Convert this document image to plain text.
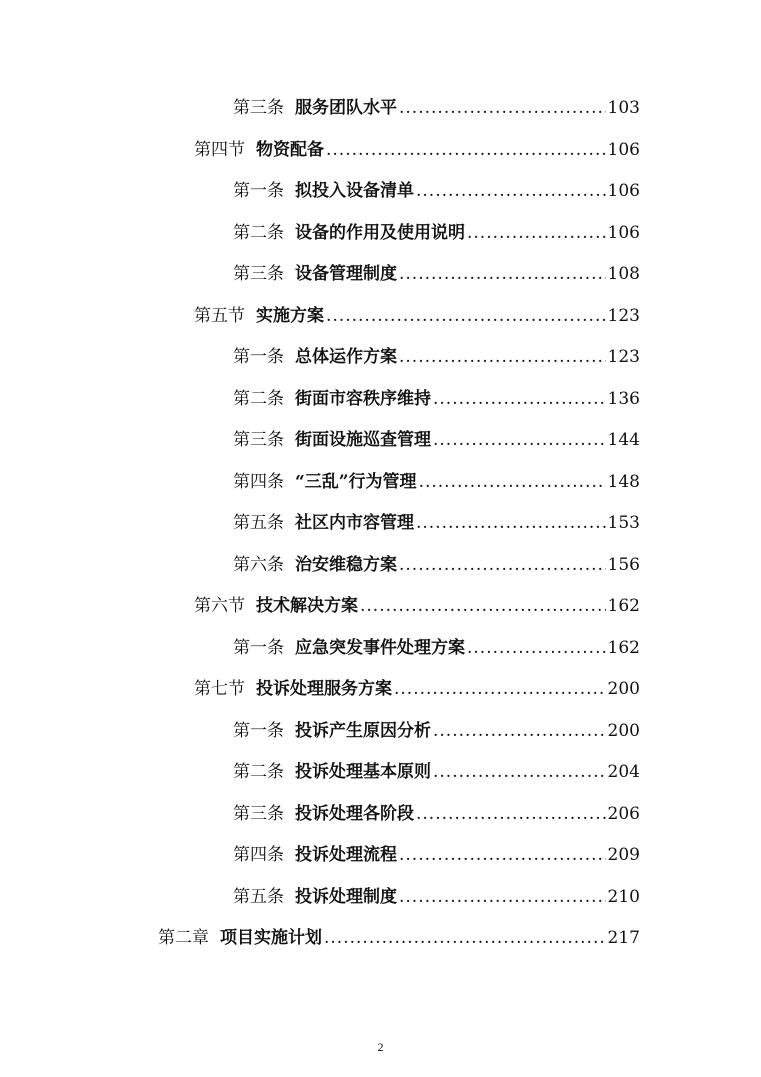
第三条 服务团队水平 .....	103
第四节 物资配备 .....	106
第一条 拟投入设备清单 .....	106
第二条 设备的作用及使用说明 .....	106
第三条 设备管理制度 .....	108
第五节 实施方案 .....	123
第一条 总体运作方案 .....	123
第二条 街面市容秩序维持 .....	136
第三条 街面设施巡查管理 .....	144
第四条 “三乱”行为管理 .....	148
第五条 社区内市容管理 .....	153
第六条 治安维稳方案 .....	156
第六节 技术解决方案 .....	162
第一条 应急突发事件处理方案 .....	162
第七节 投诉处理服务方案 .....	200
第一条 投诉产生原因分析 .....	200
第二条 投诉处理基本原则 .....	204
第三条 投诉处理各阶段 .....	206
第四条 投诉处理流程 .....	209
第五条 投诉处理制度 .....	210
第二章 项目实施计划 .....	217
2
